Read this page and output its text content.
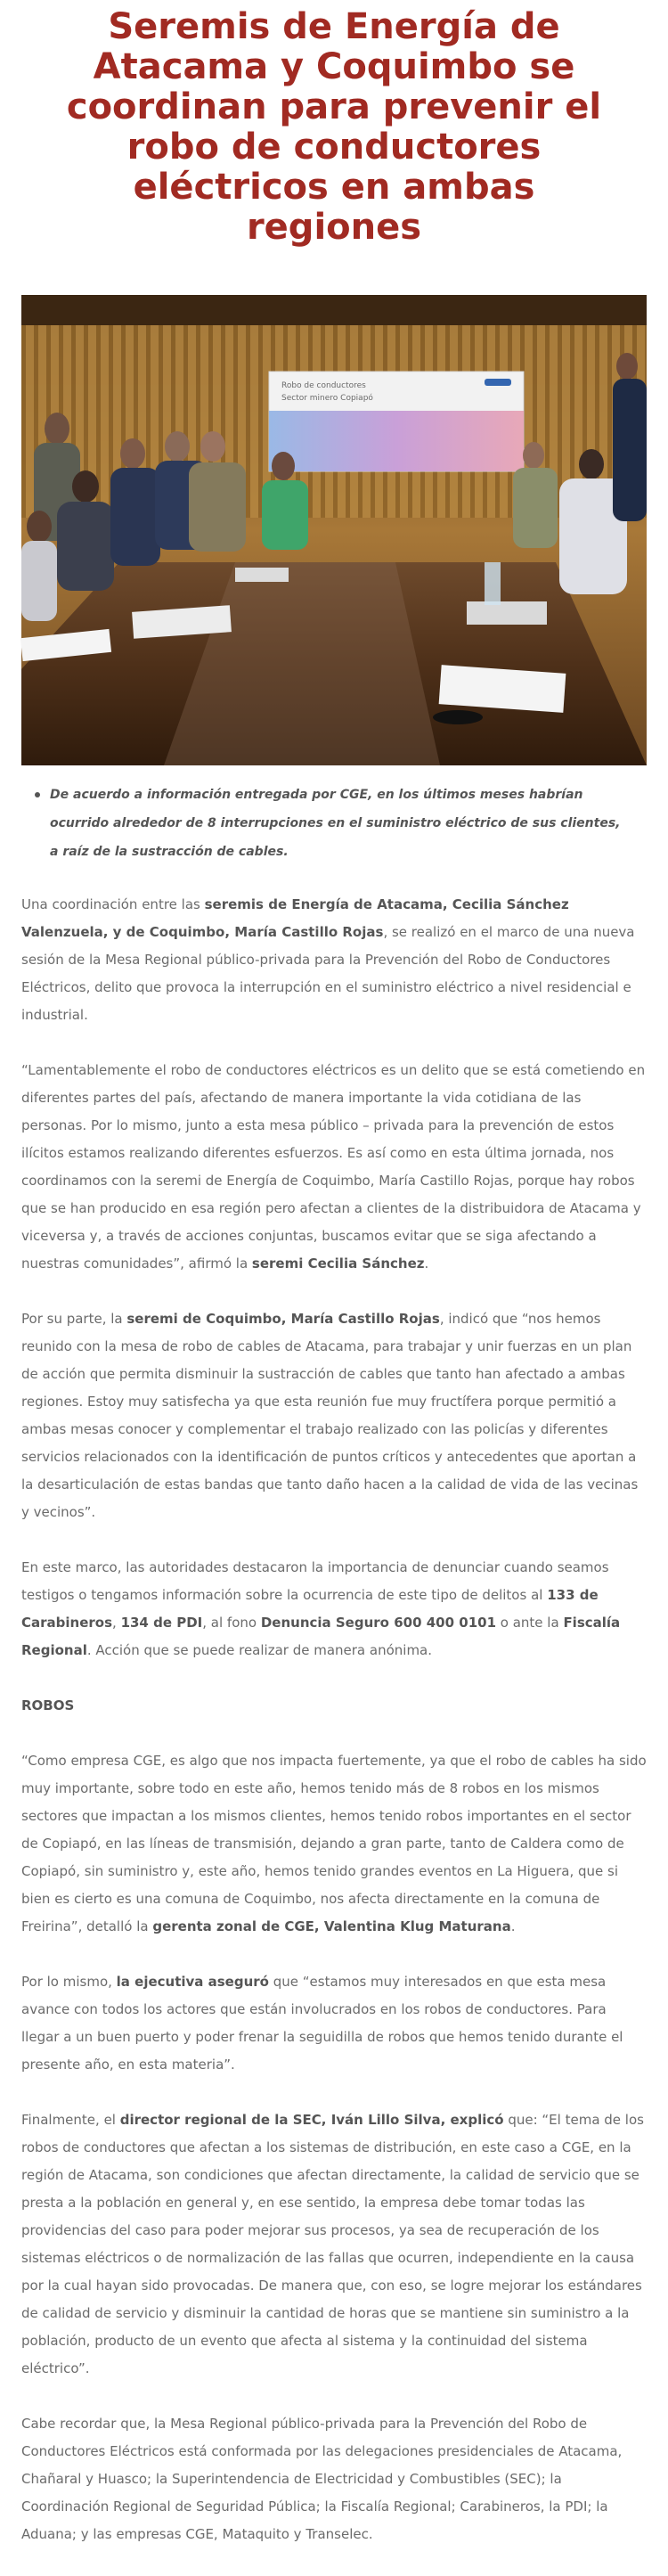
Seremis de Energía de Atacama y Coquimbo se coordinan para prevenir el robo de conductores eléctricos en ambas regiones
Robo de conductores
Sector minero Copiapó
De acuerdo a información entregada por CGE, en los últimos meses habrían ocurrido alrededor de 8 interrupciones en el suministro eléctrico de sus clientes, a raíz de la sustracción de cables.

Una coordinación entre las seremis de Energía de Atacama, Cecilia Sánchez Valenzuela, y de Coquimbo, María Castillo Rojas, se realizó en el marco de una nueva sesión de la Mesa Regional público-privada para la Prevención del Robo de Conductores Eléctricos, delito que provoca la interrupción en el suministro eléctrico a nivel residencial e industrial.

“Lamentablemente el robo de conductores eléctricos es un delito que se está cometiendo en diferentes partes del país, afectando de manera importante la vida cotidiana de las personas. Por lo mismo, junto a esta mesa público – privada para la prevención de estos ilícitos estamos realizando diferentes esfuerzos. Es así como en esta última jornada, nos coordinamos con la seremi de Energía de Coquimbo, María Castillo Rojas, porque hay robos que se han producido en esa región pero afectan a clientes de la distribuidora de Atacama y viceversa y, a través de acciones conjuntas, buscamos evitar que se siga afectando a nuestras comunidades”, afirmó la seremi Cecilia Sánchez.

Por su parte, la seremi de Coquimbo, María Castillo Rojas, indicó que “nos hemos reunido con la mesa de robo de cables de Atacama, para trabajar y unir fuerzas en un plan de acción que permita disminuir la sustracción de cables que tanto han afectado a ambas regiones. Estoy muy satisfecha ya que esta reunión fue muy fructífera porque permitió a ambas mesas conocer y complementar el trabajo realizado con las policías y diferentes servicios relacionados con la identificación de puntos críticos y antecedentes que aportan a la desarticulación de estas bandas que tanto daño hacen a la calidad de vida de las vecinas y vecinos”.

En este marco, las autoridades destacaron la importancia de denunciar cuando seamos testigos o tengamos información sobre la ocurrencia de este tipo de delitos al 133 de Carabineros, 134 de PDI, al fono Denuncia Seguro 600 400 0101 o ante la Fiscalía Regional. Acción que se puede realizar de manera anónima.

ROBOS

“Como empresa CGE, es algo que nos impacta fuertemente, ya que el robo de cables ha sido muy importante, sobre todo en este año, hemos tenido más de 8 robos en los mismos sectores que impactan a los mismos clientes, hemos tenido robos importantes en el sector de Copiapó, en las líneas de transmisión, dejando a gran parte, tanto de Caldera como de Copiapó, sin suministro y, este año, hemos tenido grandes eventos en La Higuera, que si bien es cierto es una comuna de Coquimbo, nos afecta directamente en la comuna de Freirina”, detalló la gerenta zonal de CGE, Valentina Klug Maturana.

Por lo mismo, la ejecutiva aseguró que “estamos muy interesados en que esta mesa avance con todos los actores que están involucrados en los robos de conductores. Para llegar a un buen puerto y poder frenar la seguidilla de robos que hemos tenido durante el presente año, en esta materia”.

Finalmente, el director regional de la SEC, Iván Lillo Silva, explicó que: “El tema de los robos de conductores que afectan a los sistemas de distribución, en este caso a CGE, en la región de Atacama, son condiciones que afectan directamente, la calidad de servicio que se presta a la población en general y, en ese sentido, la empresa debe tomar todas las providencias del caso para poder mejorar sus procesos, ya sea de recuperación de los sistemas eléctricos o de normalización de las fallas que ocurren, independiente en la causa por la cual hayan sido provocadas. De manera que, con eso, se logre mejorar los estándares de calidad de servicio y disminuir la cantidad de horas que se mantiene sin suministro a la población, producto de un evento que afecta al sistema y la continuidad del sistema eléctrico”.

Cabe recordar que, la Mesa Regional público-privada para la Prevención del Robo de Conductores Eléctricos está conformada por las delegaciones presidenciales de Atacama, Chañaral y Huasco; la Superintendencia de Electricidad y Combustibles (SEC); la Coordinación Regional de Seguridad Pública; la Fiscalía Regional; Carabineros, la PDI; la Aduana; y las empresas CGE, Mataquito y Transelec.
